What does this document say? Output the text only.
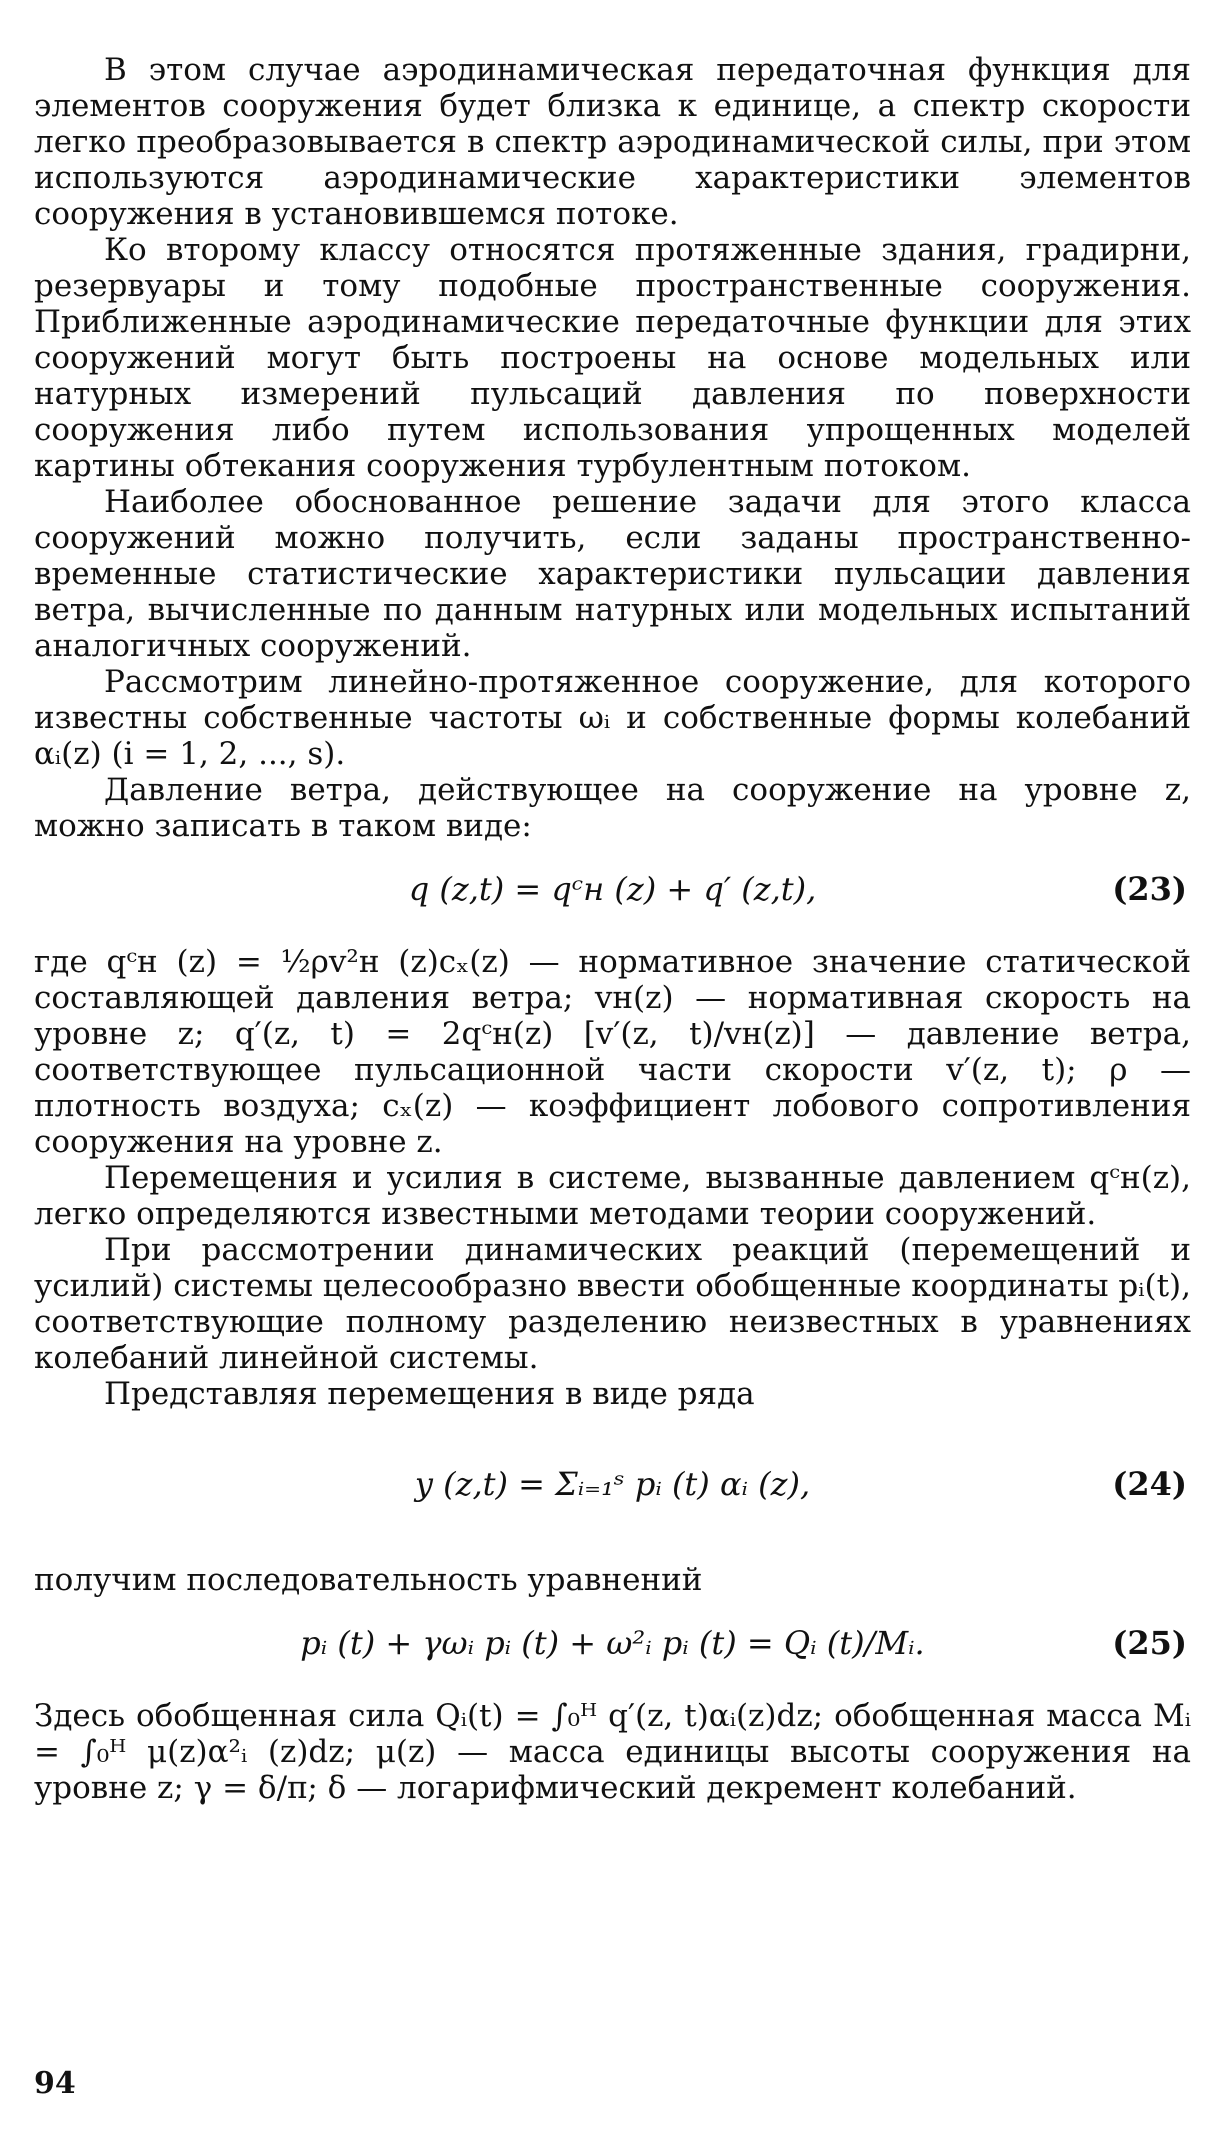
В этом случае аэродинамическая передаточная функция для элементов сооружения будет близка к единице, а спектр скорости легко преобразовывается в спектр аэродинамической силы, при этом используются аэродинамические характеристики элементов сооружения в установившемся потоке.

Ко второму классу относятся протяженные здания, градирни, резервуары и тому подобные пространственные сооружения. Приближенные аэродинамические передаточные функции для этих сооружений могут быть построены на основе модельных или натурных измерений пульсаций давления по поверхности сооружения либо путем использования упрощенных моделей картины обтекания сооружения турбулентным потоком.

Наиболее обоснованное решение задачи для этого класса сооружений можно получить, если заданы пространственно-временные статистические характеристики пульсации давления ветра, вычисленные по данным натурных или модельных испытаний аналогичных сооружений.

Рассмотрим линейно-протяженное сооружение, для которого известны собственные частоты ωᵢ и собственные формы колебаний αᵢ(z) (i = 1, 2, ..., s).

Давление ветра, действующее на сооружение на уровне z, можно записать в таком виде:

q (z,t) = qᶜн (z) + q′ (z,t),	(23)

где qᶜн (z) = ½ρv²н (z)cₓ(z) — нормативное значение статической составляющей давления ветра; vн(z) — нормативная скорость на уровне z; q′(z, t) = 2qᶜн(z) [v′(z, t)/vн(z)] — давление ветра, соответствующее пульсационной части скорости v′(z, t); ρ — плотность воздуха; cₓ(z) — коэффициент лобового сопротивления сооружения на уровне z.

Перемещения и усилия в системе, вызванные давлением qᶜн(z), легко определяются известными методами теории сооружений.

При рассмотрении динамических реакций (перемещений и усилий) системы целесообразно ввести обобщенные координаты pᵢ(t), соответствующие полному разделению неизвестных в уравнениях колебаний линейной системы.

Представляя перемещения в виде ряда

y (z,t) = Σᵢ₌₁ˢ pᵢ (t) αᵢ (z),	(24)

получим последовательность уравнений

pᵢ (t) + γωᵢ pᵢ (t) + ω²ᵢ pᵢ (t) = Qᵢ (t)/Mᵢ.	(25)

Здесь обобщенная сила Qᵢ(t) = ∫₀ᴴ q′(z, t)αᵢ(z)dz; обобщенная масса Mᵢ = ∫₀ᴴ μ(z)α²ᵢ (z)dz; μ(z) — масса единицы высоты сооружения на уровне z; γ = δ/π; δ — логарифмический декремент колебаний.

94
